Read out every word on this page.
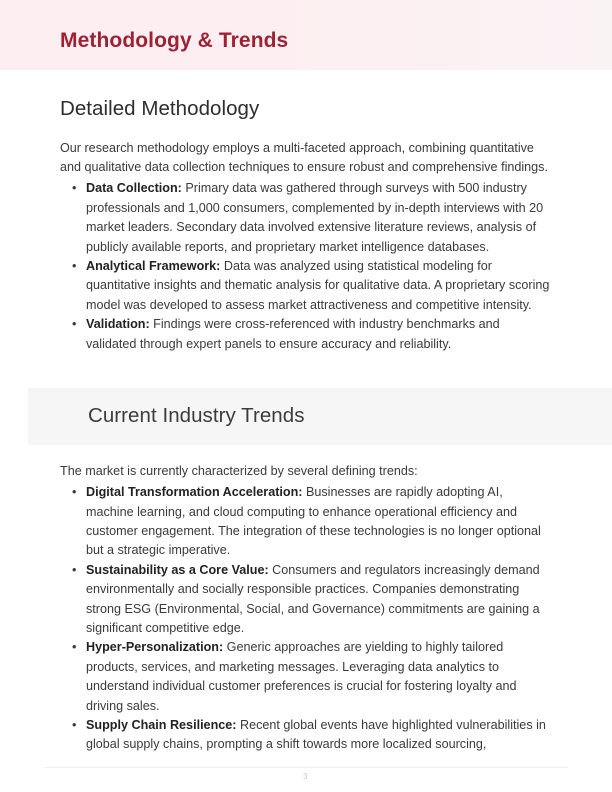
Methodology & Trends
Detailed Methodology

Our research methodology employs a multi-faceted approach, combining quantitative and qualitative data collection techniques to ensure robust and comprehensive findings.

• Data Collection: Primary data was gathered through surveys with 500 industry professionals and 1,000 consumers, complemented by in-depth interviews with 20 market leaders. Secondary data involved extensive literature reviews, analysis of publicly available reports, and proprietary market intelligence databases.
• Analytical Framework: Data was analyzed using statistical modeling for quantitative insights and thematic analysis for qualitative data. A proprietary scoring model was developed to assess market attractiveness and competitive intensity.
• Validation: Findings were cross-referenced with industry benchmarks and validated through expert panels to ensure accuracy and reliability.
Current Industry Trends

The market is currently characterized by several defining trends:

• Digital Transformation Acceleration: Businesses are rapidly adopting AI, machine learning, and cloud computing to enhance operational efficiency and customer engagement. The integration of these technologies is no longer optional but a strategic imperative.
• Sustainability as a Core Value: Consumers and regulators increasingly demand environmentally and socially responsible practices. Companies demonstrating strong ESG (Environmental, Social, and Governance) commitments are gaining a significant competitive edge.
• Hyper-Personalization: Generic approaches are yielding to highly tailored products, services, and marketing messages. Leveraging data analytics to understand individual customer preferences is crucial for fostering loyalty and driving sales.
• Supply Chain Resilience: Recent global events have highlighted vulnerabilities in global supply chains, prompting a shift towards more localized sourcing,
3
